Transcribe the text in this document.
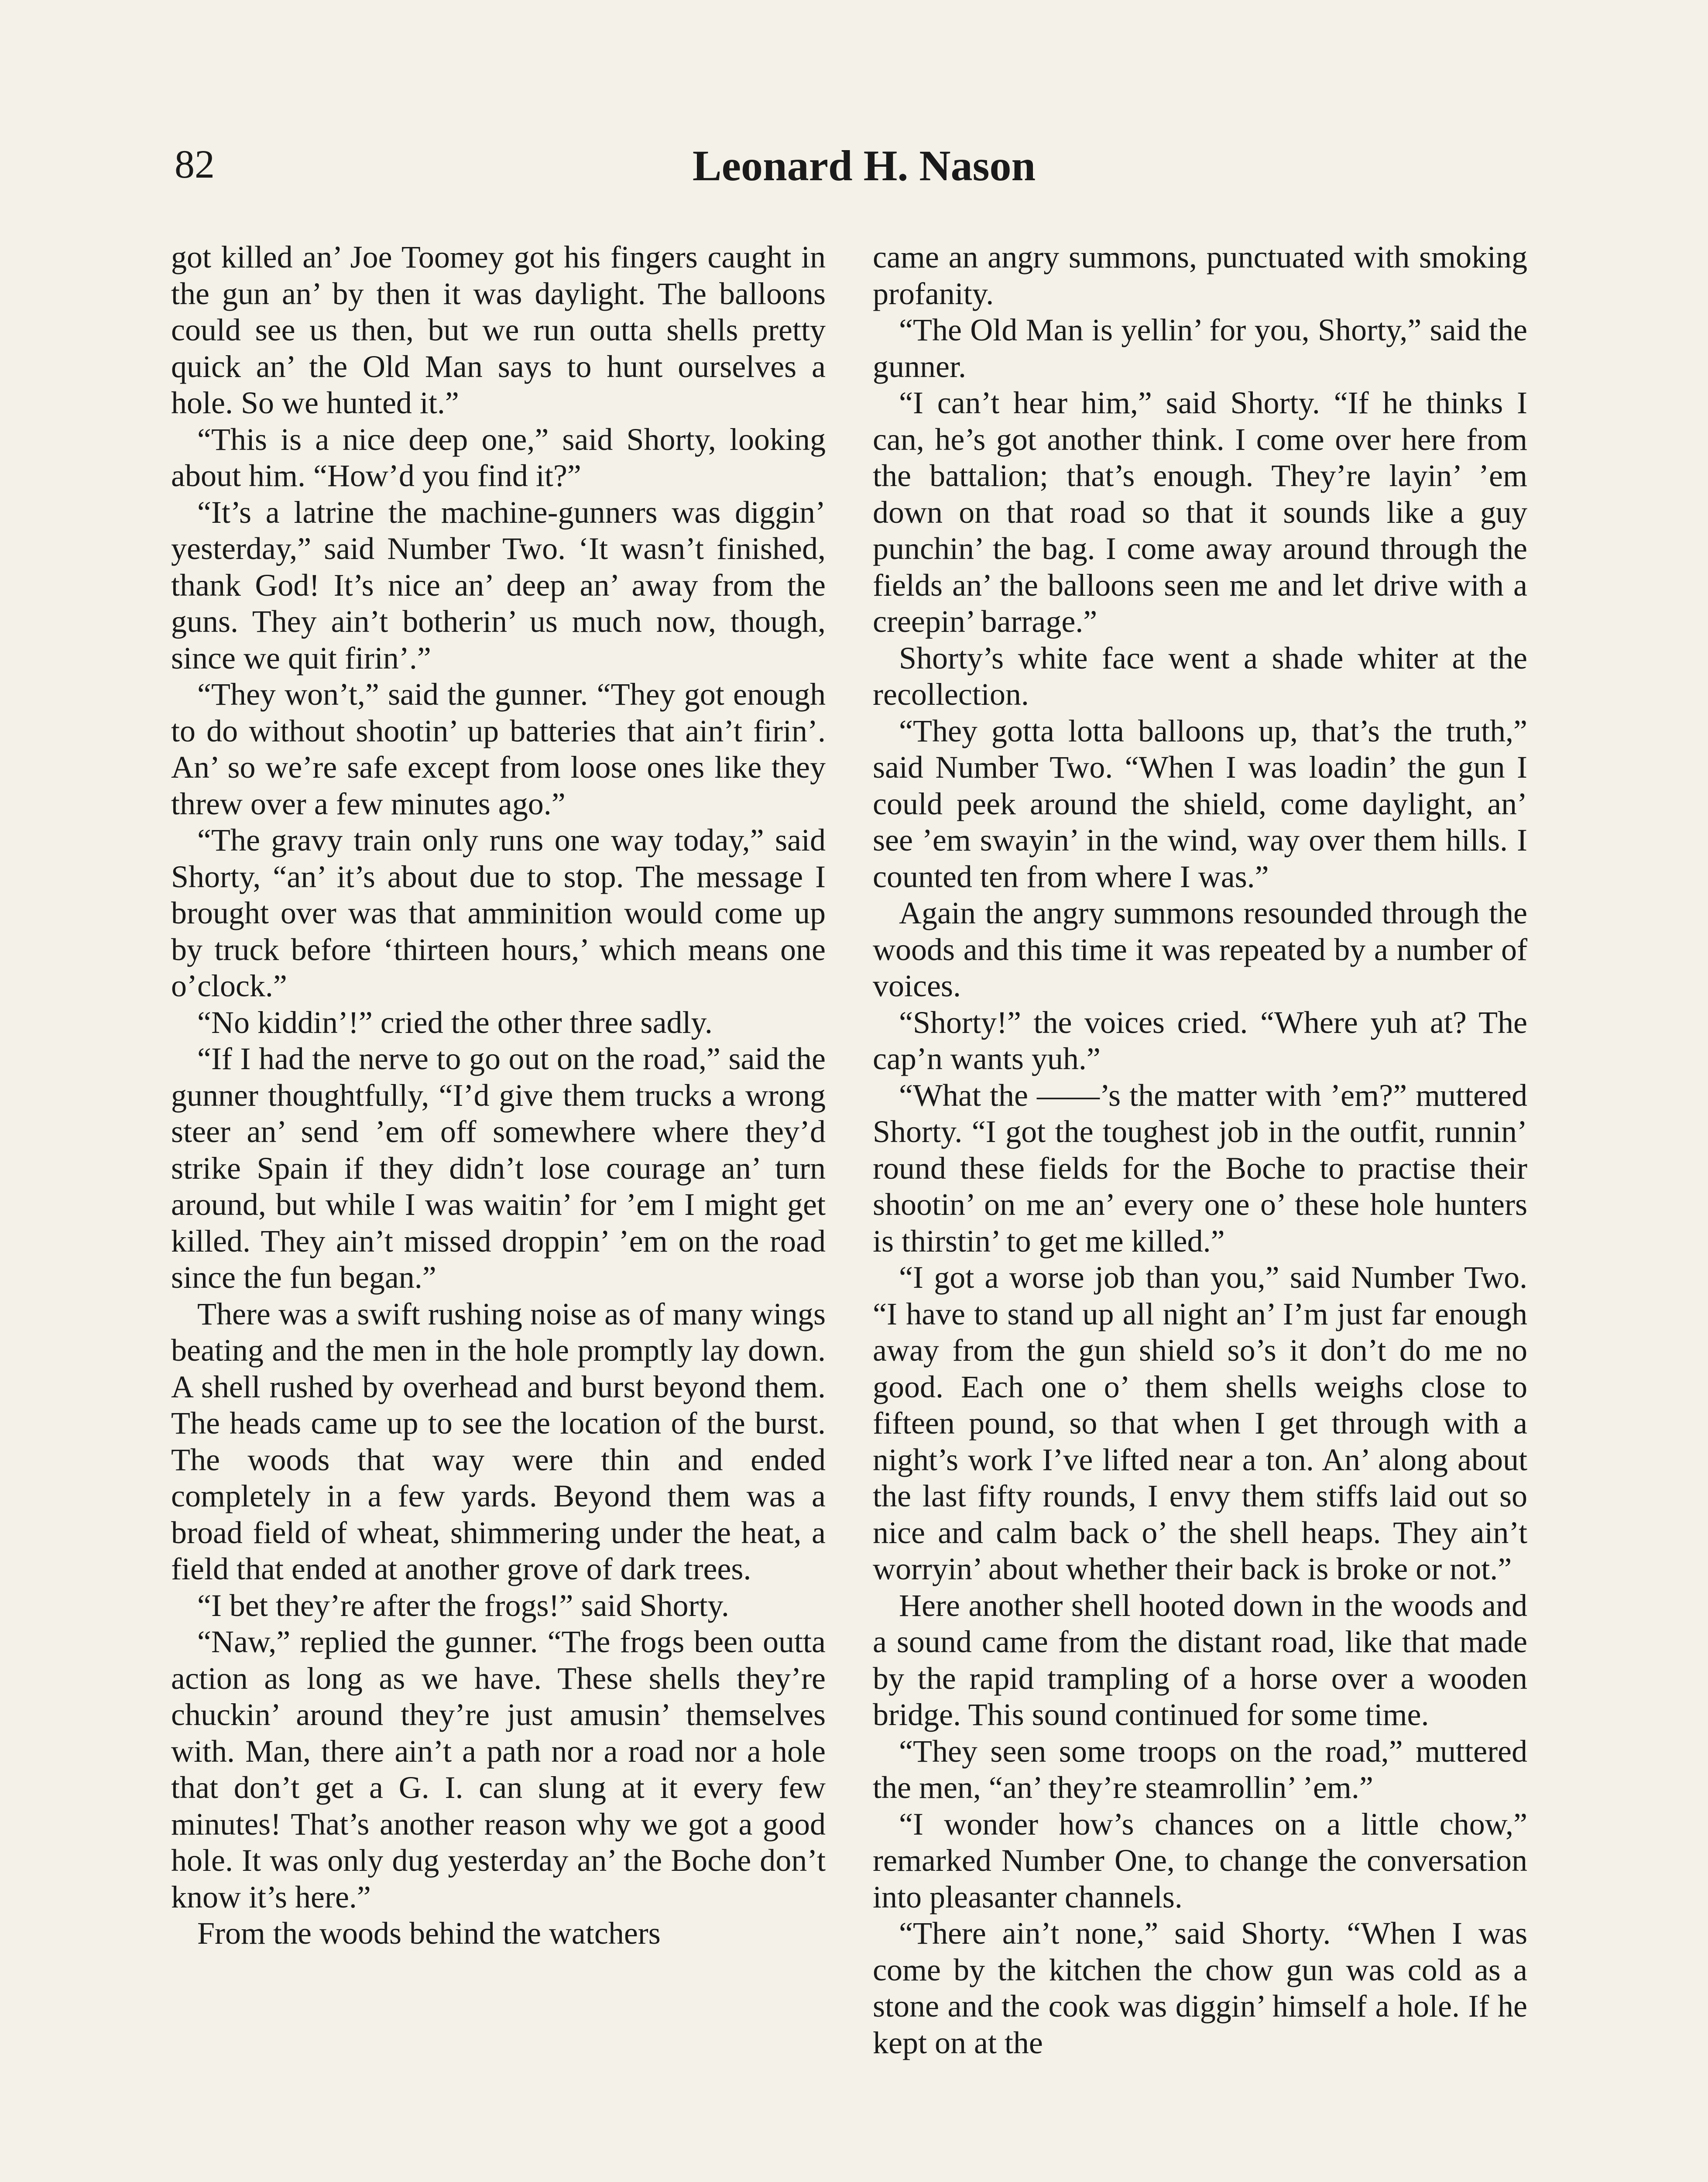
82	Leonard H. Nason

got killed an’ Joe Toomey got his fingers caught in the gun an’ by then it was daylight. The balloons could see us then, but we run outta shells pretty quick an’ the Old Man says to hunt ourselves a hole. So we hunted it.”

“This is a nice deep one,” said Shorty, looking about him. “How’d you find it?”

“It’s a latrine the machine-gunners was diggin’ yesterday,” said Number Two. ‘It wasn’t finished, thank God! It’s nice an’ deep an’ away from the guns. They ain’t botherin’ us much now, though, since we quit firin’.”

“They won’t,” said the gunner. “They got enough to do without shootin’ up batteries that ain’t firin’. An’ so we’re safe except from loose ones like they threw over a few minutes ago.”

“The gravy train only runs one way today,” said Shorty, “an’ it’s about due to stop. The message I brought over was that amminition would come up by truck before ‘thirteen hours,’ which means one o’clock.”

“No kiddin’!” cried the other three sadly.

“If I had the nerve to go out on the road,” said the gunner thoughtfully, “I’d give them trucks a wrong steer an’ send ’em off somewhere where they’d strike Spain if they didn’t lose courage an’ turn around, but while I was waitin’ for ’em I might get killed. They ain’t missed droppin’ ’em on the road since the fun began.”

There was a swift rushing noise as of many wings beating and the men in the hole promptly lay down. A shell rushed by overhead and burst beyond them. The heads came up to see the location of the burst. The woods that way were thin and ended completely in a few yards. Beyond them was a broad field of wheat, shimmering under the heat, a field that ended at another grove of dark trees.

“I bet they’re after the frogs!” said Shorty.

“Naw,” replied the gunner. “The frogs been outta action as long as we have. These shells they’re chuckin’ around they’re just amusin’ themselves with. Man, there ain’t a path nor a road nor a hole that don’t get a G. I. can slung at it every few minutes! That’s another reason why we got a good hole. It was only dug yesterday an’ the Boche don’t know it’s here.”

From the woods behind the watchers

came an angry summons, punctuated with smoking profanity.

“The Old Man is yellin’ for you, Shorty,” said the gunner.

“I can’t hear him,” said Shorty. “If he thinks I can, he’s got another think. I come over here from the battalion; that’s enough. They’re layin’ ’em down on that road so that it sounds like a guy punchin’ the bag. I come away around through the fields an’ the balloons seen me and let drive with a creepin’ barrage.”

Shorty’s white face went a shade whiter at the recollection.

“They gotta lotta balloons up, that’s the truth,” said Number Two. “When I was loadin’ the gun I could peek around the shield, come daylight, an’ see ’em swayin’ in the wind, way over them hills. I counted ten from where I was.”

Again the angry summons resounded through the woods and this time it was repeated by a number of voices.

“Shorty!” the voices cried. “Where yuh at? The cap’n wants yuh.”

“What the ——’s the matter with ’em?” muttered Shorty. “I got the toughest job in the outfit, runnin’ round these fields for the Boche to practise their shootin’ on me an’ every one o’ these hole hunters is thirstin’ to get me killed.”

“I got a worse job than you,” said Number Two. “I have to stand up all night an’ I’m just far enough away from the gun shield so’s it don’t do me no good. Each one o’ them shells weighs close to fifteen pound, so that when I get through with a night’s work I’ve lifted near a ton. An’ along about the last fifty rounds, I envy them stiffs laid out so nice and calm back o’ the shell heaps. They ain’t worryin’ about whether their back is broke or not.”

Here another shell hooted down in the woods and a sound came from the distant road, like that made by the rapid trampling of a horse over a wooden bridge. This sound continued for some time.

“They seen some troops on the road,” muttered the men, “an’ they’re steamrollin’ ’em.”

“I wonder how’s chances on a little chow,” remarked Number One, to change the conversation into pleasanter channels.

“There ain’t none,” said Shorty. “When I was come by the kitchen the chow gun was cold as a stone and the cook was diggin’ himself a hole. If he kept on at the
